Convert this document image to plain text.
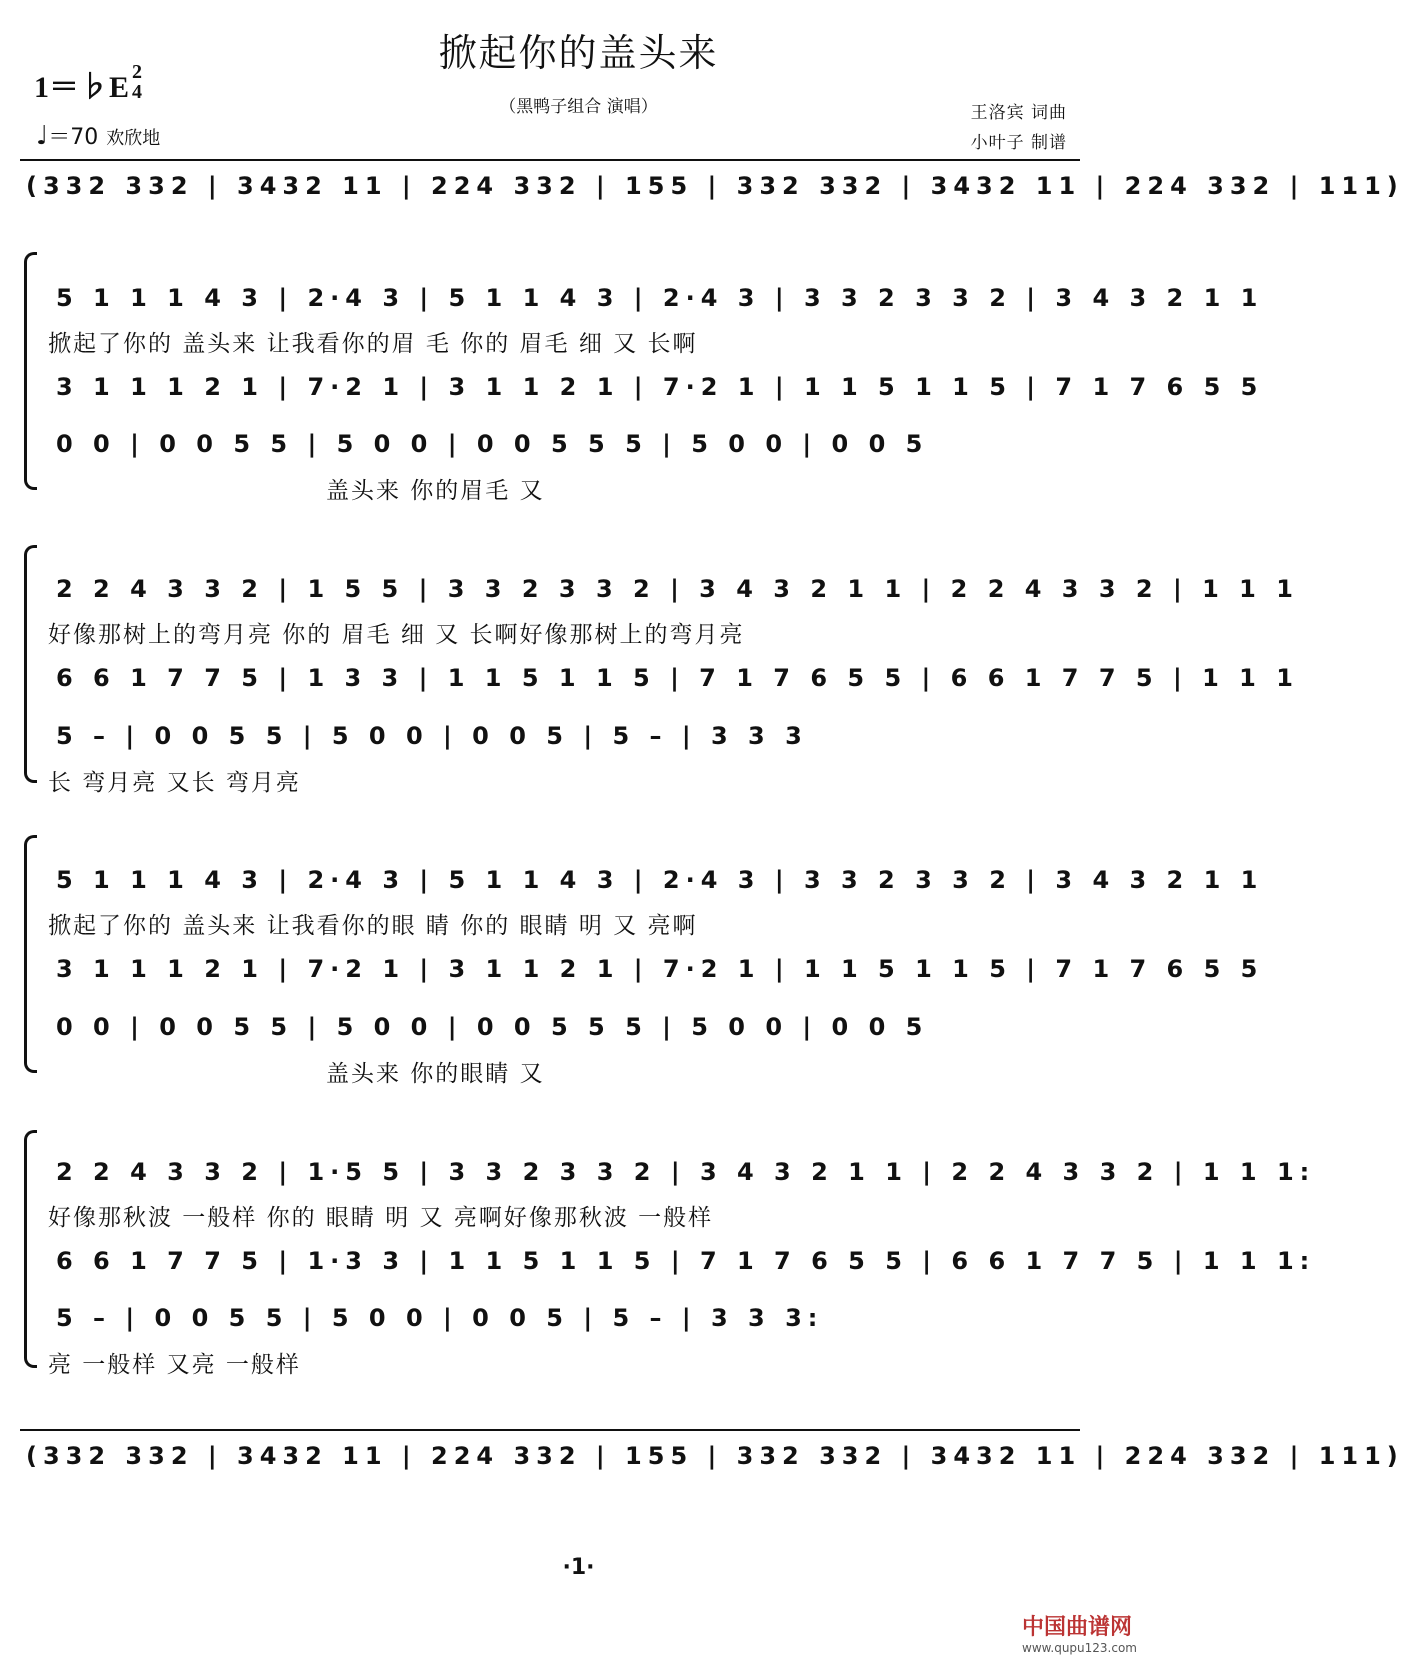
掀起你的盖头来
（黑鸭子组合 演唱）
1＝♭E 2
4
♩＝70 欢欣地
王洛宾 词曲
小叶子 制谱
(332 332 | 3432 11 | 224 332 | 155 | 332 332 | 3432 11 | 224 332 | 111)
5 1 1 1 4 3 | 2·4 3 | 5 1 1 4 3 | 2·4 3 | 3 3 2 3 3 2 | 3 4 3 2 1 1
掀起了你的 盖头来 让我看你的眉 毛 你的 眉毛 细 又 长啊
3 1 1 1 2 1 | 7·2 1 | 3 1 1 2 1 | 7·2 1 | 1 1 5 1 1 5 | 7 1 7 6 5 5
0 0 | 0 0 5 5 | 5 0 0 | 0 0 5 5 5 | 5 0 0 | 0 0 5
盖头来 你的眉毛 又
2 2 4 3 3 2 | 1 5 5 | 3 3 2 3 3 2 | 3 4 3 2 1 1 | 2 2 4 3 3 2 | 1 1 1
好像那树上的弯月亮 你的 眉毛 细 又 长啊好像那树上的弯月亮
6 6 1 7 7 5 | 1 3 3 | 1 1 5 1 1 5 | 7 1 7 6 5 5 | 6 6 1 7 7 5 | 1 1 1
5 – | 0 0 5 5 | 5 0 0 | 0 0 5 | 5 – | 3 3 3
长 弯月亮 又长 弯月亮
5 1 1 1 4 3 | 2·4 3 | 5 1 1 4 3 | 2·4 3 | 3 3 2 3 3 2 | 3 4 3 2 1 1
掀起了你的 盖头来 让我看你的眼 睛 你的 眼睛 明 又 亮啊
3 1 1 1 2 1 | 7·2 1 | 3 1 1 2 1 | 7·2 1 | 1 1 5 1 1 5 | 7 1 7 6 5 5
0 0 | 0 0 5 5 | 5 0 0 | 0 0 5 5 5 | 5 0 0 | 0 0 5
盖头来 你的眼睛 又
2 2 4 3 3 2 | 1·5 5 | 3 3 2 3 3 2 | 3 4 3 2 1 1 | 2 2 4 3 3 2 | 1 1 1:
好像那秋波 一般样 你的 眼睛 明 又 亮啊好像那秋波 一般样
6 6 1 7 7 5 | 1·3 3 | 1 1 5 1 1 5 | 7 1 7 6 5 5 | 6 6 1 7 7 5 | 1 1 1:
5 – | 0 0 5 5 | 5 0 0 | 0 0 5 | 5 – | 3 3 3:
亮 一般样 又亮 一般样
(332 332 | 3432 11 | 224 332 | 155 | 332 332 | 3432 11 | 224 332 | 111)
·1·
中国曲谱网
www.qupu123.com
